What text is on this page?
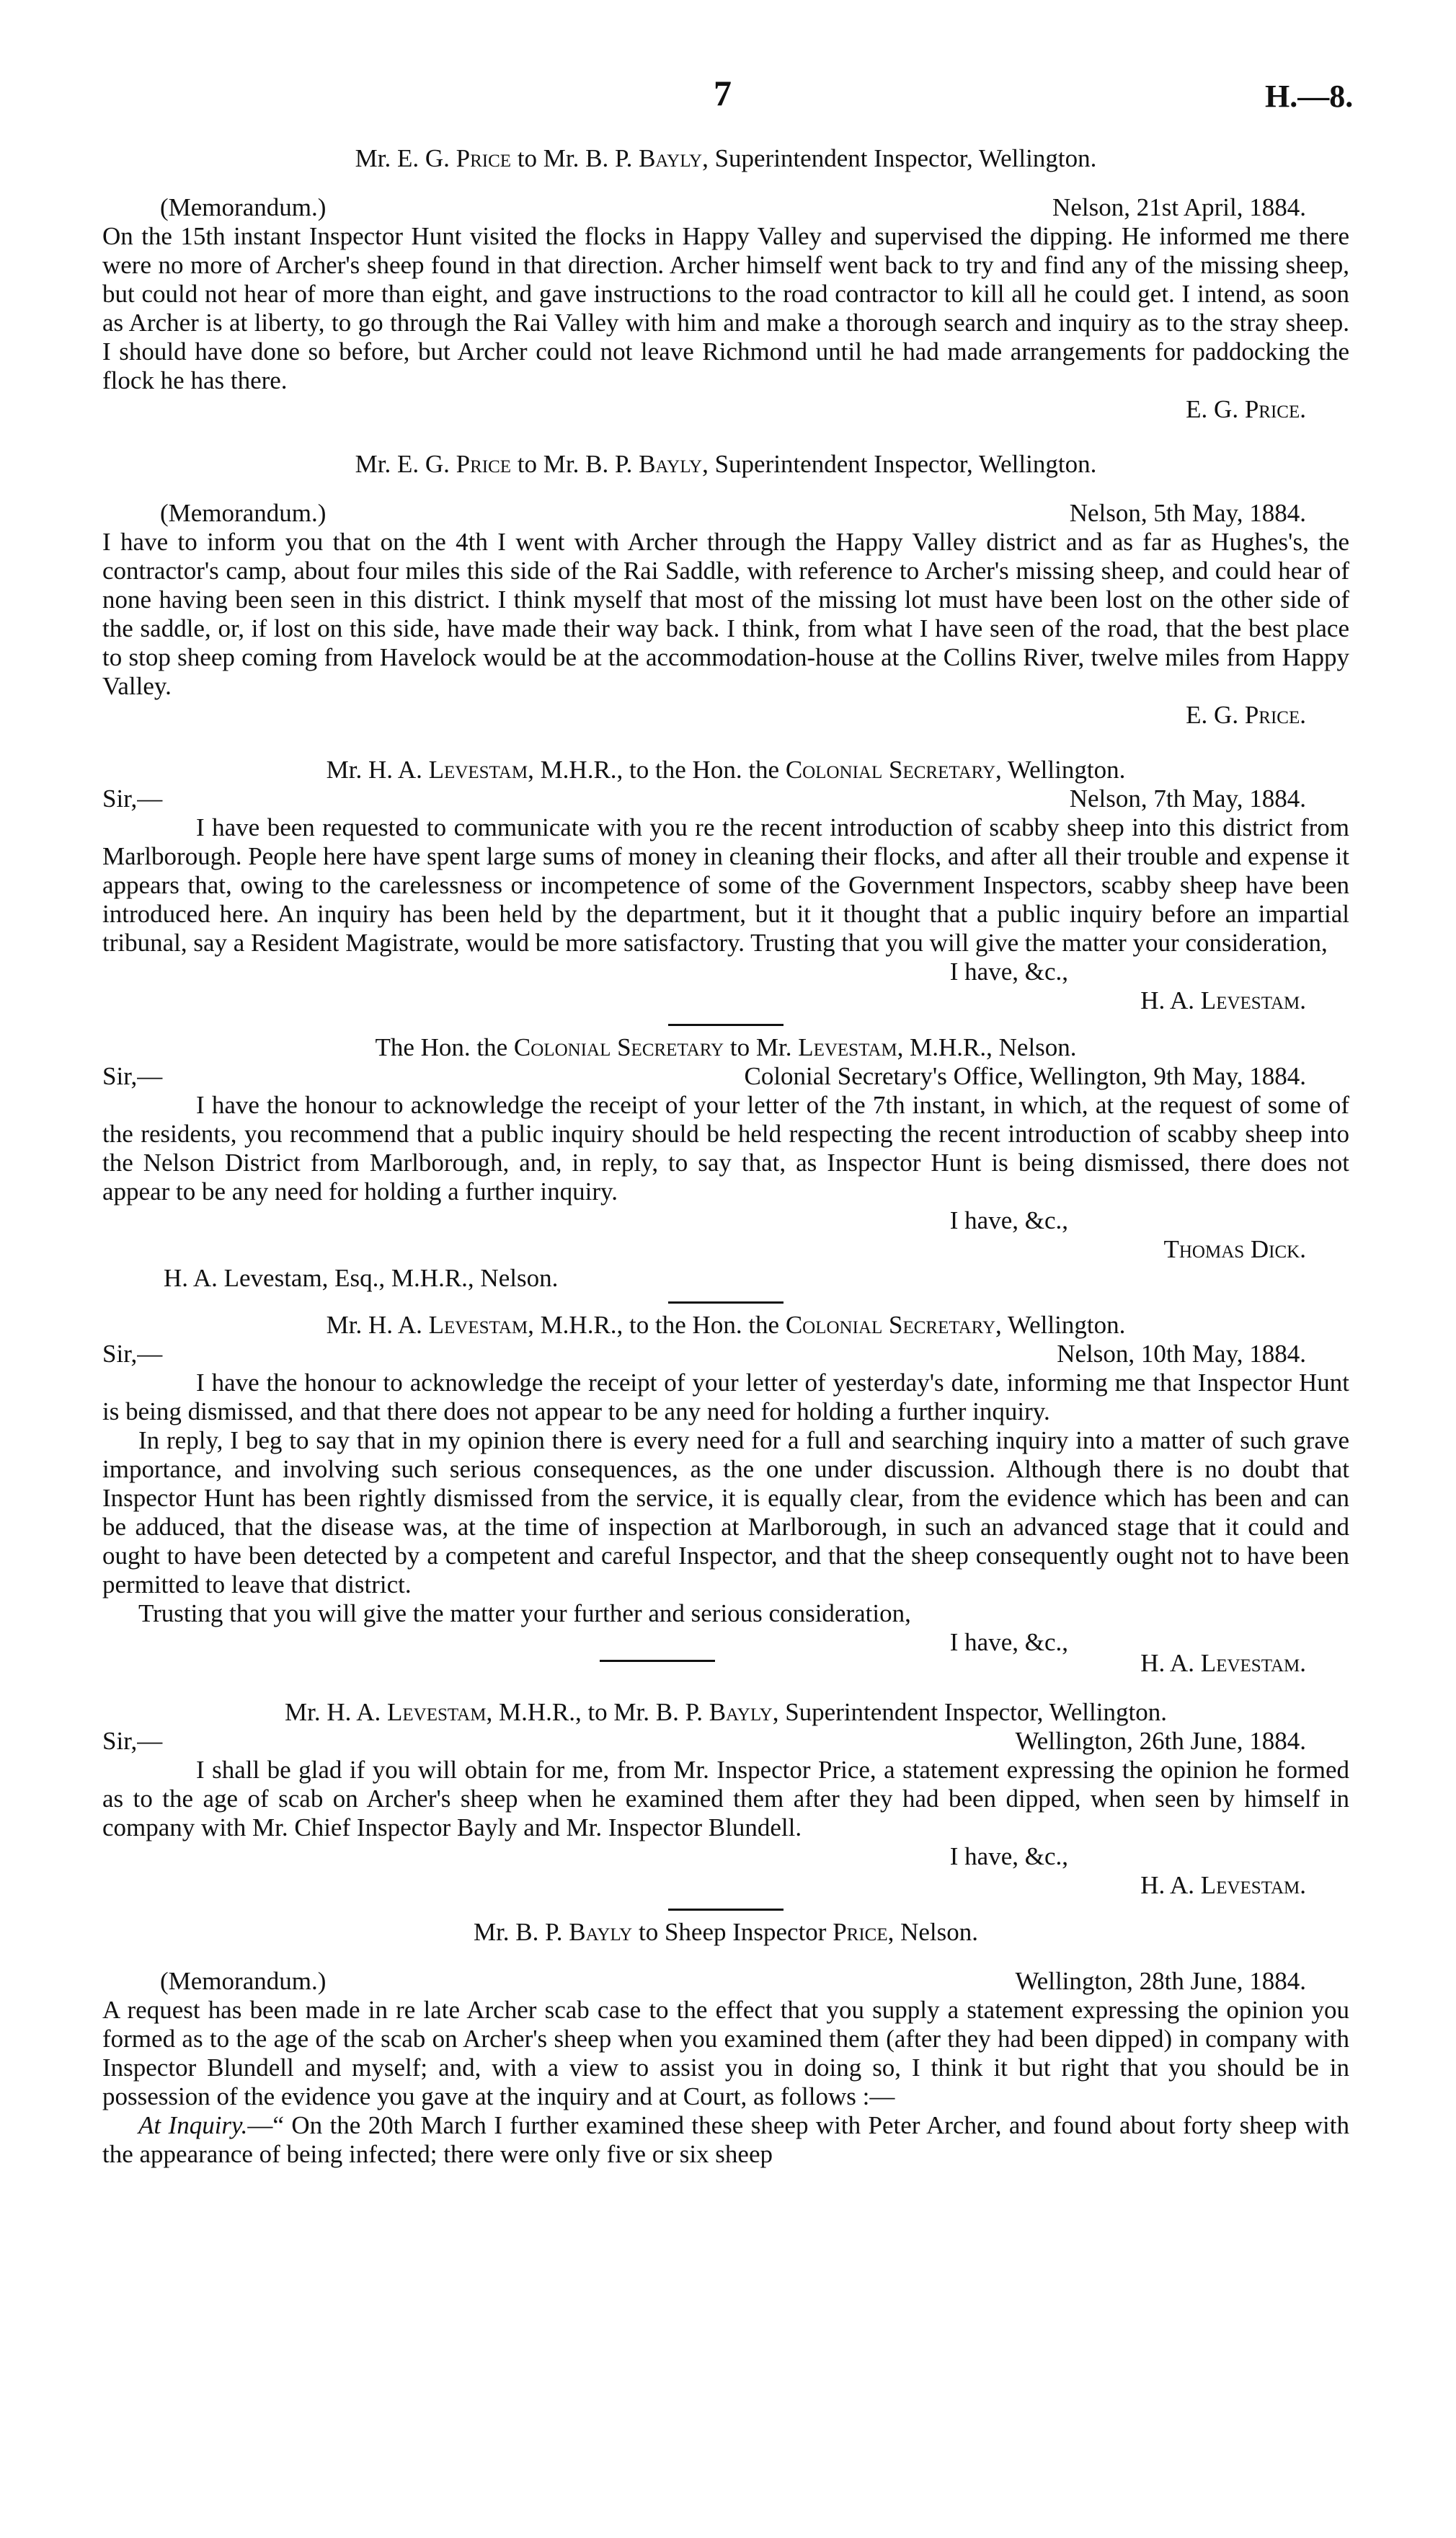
7	H.—8.
Mr. E. G. Price to Mr. B. P. Bayly, Superintendent Inspector, Wellington.
(Memorandum.)	Nelson, 21st April, 1884.

On the 15th instant Inspector Hunt visited the flocks in Happy Valley and supervised the dipping. He informed me there were no more of Archer's sheep found in that direction. Archer himself went back to try and find any of the missing sheep, but could not hear of more than eight, and gave instructions to the road contractor to kill all he could get. I intend, as soon as Archer is at liberty, to go through the Rai Valley with him and make a thorough search and inquiry as to the stray sheep. I should have done so before, but Archer could not leave Richmond until he had made arrangements for paddocking the flock he has there.

E. G. Price.
Mr. E. G. Price to Mr. B. P. Bayly, Superintendent Inspector, Wellington.
(Memorandum.)	Nelson, 5th May, 1884.

I have to inform you that on the 4th I went with Archer through the Happy Valley district and as far as Hughes's, the contractor's camp, about four miles this side of the Rai Saddle, with reference to Archer's missing sheep, and could hear of none having been seen in this district. I think myself that most of the missing lot must have been lost on the other side of the saddle, or, if lost on this side, have made their way back. I think, from what I have seen of the road, that the best place to stop sheep coming from Havelock would be at the accommodation-house at the Collins River, twelve miles from Happy Valley.

E. G. Price.
Mr. H. A. Levestam, M.H.R., to the Hon. the Colonial Secretary, Wellington.
Sir,—	Nelson, 7th May, 1884.

I have been requested to communicate with you re the recent introduction of scabby sheep into this district from Marlborough. People here have spent large sums of money in cleaning their flocks, and after all their trouble and expense it appears that, owing to the carelessness or incompetence of some of the Government Inspectors, scabby sheep have been introduced here. An inquiry has been held by the department, but it it thought that a public inquiry before an impartial tribunal, say a Resident Magistrate, would be more satisfactory. Trusting that you will give the matter your consideration,

I have, &c.,
H. A. Levestam.
The Hon. the Colonial Secretary to Mr. Levestam, M.H.R., Nelson.
Sir,—	Colonial Secretary's Office, Wellington, 9th May, 1884.

I have the honour to acknowledge the receipt of your letter of the 7th instant, in which, at the request of some of the residents, you recommend that a public inquiry should be held respecting the recent introduction of scabby sheep into the Nelson District from Marlborough, and, in reply, to say that, as Inspector Hunt is being dismissed, there does not appear to be any need for holding a further inquiry.

I have, &c.,
Thomas Dick.
H. A. Levestam, Esq., M.H.R., Nelson.
Mr. H. A. Levestam, M.H.R., to the Hon. the Colonial Secretary, Wellington.
Sir,—	Nelson, 10th May, 1884.

I have the honour to acknowledge the receipt of your letter of yesterday's date, informing me that Inspector Hunt is being dismissed, and that there does not appear to be any need for holding a further inquiry.

In reply, I beg to say that in my opinion there is every need for a full and searching inquiry into a matter of such grave importance, and involving such serious consequences, as the one under discussion. Although there is no doubt that Inspector Hunt has been rightly dismissed from the service, it is equally clear, from the evidence which has been and can be adduced, that the disease was, at the time of inspection at Marlborough, in such an advanced stage that it could and ought to have been detected by a competent and careful Inspector, and that the sheep consequently ought not to have been permitted to leave that district.

Trusting that you will give the matter your further and serious consideration,

I have, &c.,
H. A. Levestam.
Mr. H. A. Levestam, M.H.R., to Mr. B. P. Bayly, Superintendent Inspector, Wellington.
Sir,—	Wellington, 26th June, 1884.

I shall be glad if you will obtain for me, from Mr. Inspector Price, a statement expressing the opinion he formed as to the age of scab on Archer's sheep when he examined them after they had been dipped, when seen by himself in company with Mr. Chief Inspector Bayly and Mr. Inspector Blundell.

I have, &c.,
H. A. Levestam.
Mr. B. P. Bayly to Sheep Inspector Price, Nelson.
(Memorandum.)	Wellington, 28th June, 1884.

A request has been made in re late Archer scab case to the effect that you supply a statement expressing the opinion you formed as to the age of the scab on Archer's sheep when you examined them (after they had been dipped) in company with Inspector Blundell and myself; and, with a view to assist you in doing so, I think it but right that you should be in possession of the evidence you gave at the inquiry and at Court, as follows :—

At Inquiry.—“ On the 20th March I further examined these sheep with Peter Archer, and found about forty sheep with the appearance of being infected; there were only five or six sheep
